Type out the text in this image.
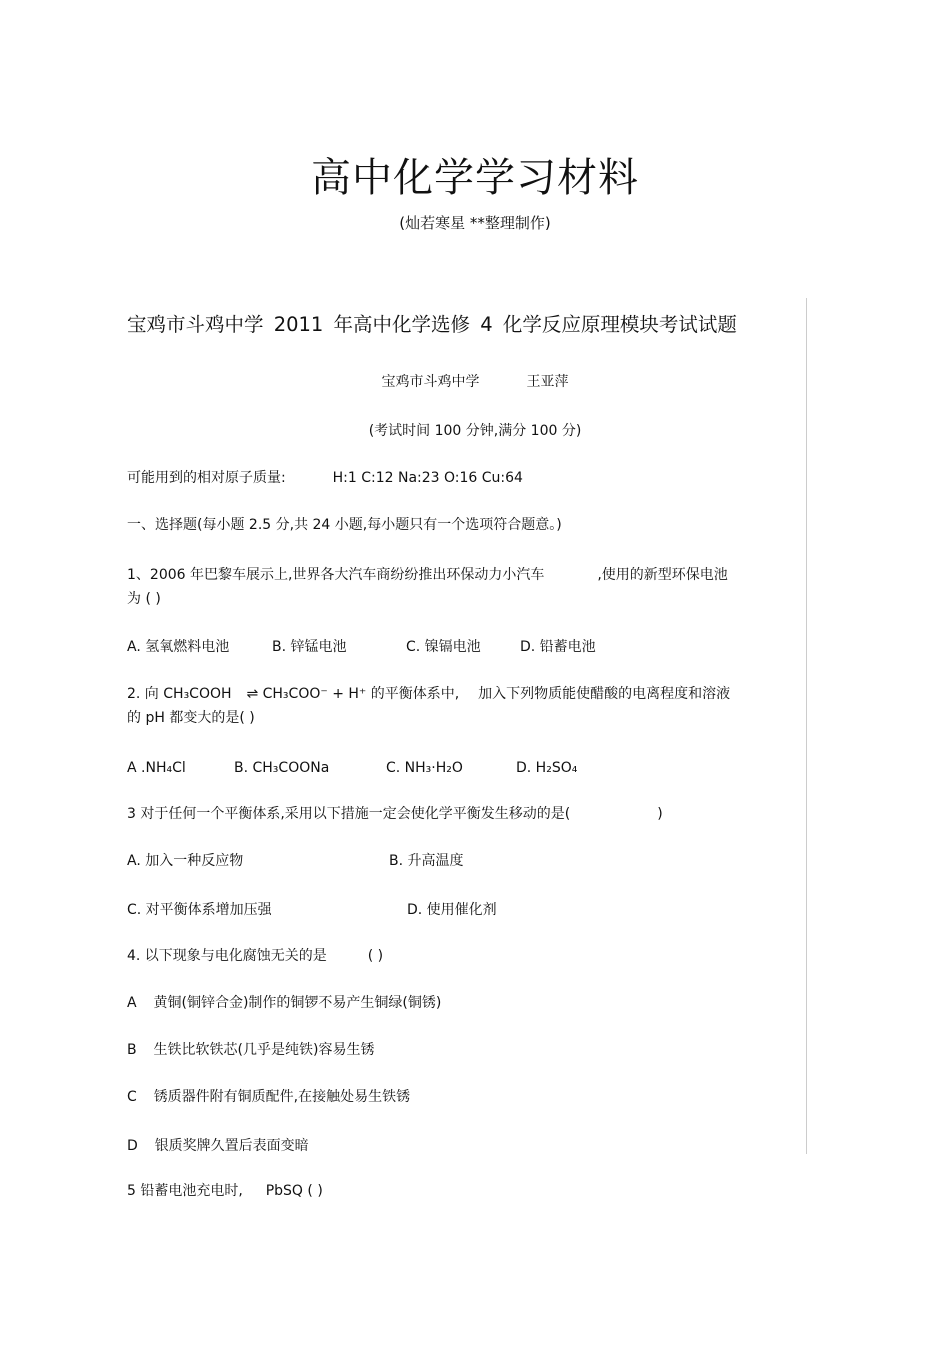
高中化学学习材料
(灿若寒星 **整理制作)
宝鸡市斗鸡中学 2011 年高中化学选修 4 化学反应原理模块考试试题
宝鸡市斗鸡中学	王亚萍
(考试时间 100 分钟,满分 100 分)
可能用到的相对原子质量:	H:1 C:12 Na:23 O:16 Cu:64
一、选择题(每小题 2.5 分,共 24 小题,每小题只有一个选项符合题意。)
1、2006 年巴黎车展示上,世界各大汽车商纷纷推出环保动力小汽车	,使用的新型环保电池
为 ( )
A. 氢氧燃料电池	B. 锌锰电池	C. 镍镉电池	D. 铅蓄电池
2. 向 CH₃COOH ⇌ CH₃COO⁻ + H⁺ 的平衡体系中, 加入下列物质能使醋酸的电离程度和溶液
的 pH 都变大的是( )
A .NH₄Cl	B. CH₃COONa	C. NH₃·H₂O	D. H₂SO₄
3 对于任何一个平衡体系,采用以下措施一定会使化学平衡发生移动的是(	)
A. 加入一种反应物	B. 升高温度
C. 对平衡体系增加压强	D. 使用催化剂
4. 以下现象与电化腐蚀无关的是	( )
A 黄铜(铜锌合金)制作的铜锣不易产生铜绿(铜锈)
B 生铁比软铁芯(几乎是纯铁)容易生锈
C 锈质器件附有铜质配件,在接触处易生铁锈
D 银质奖牌久置后表面变暗
5 铅蓄电池充电时, PbSQ ( )
